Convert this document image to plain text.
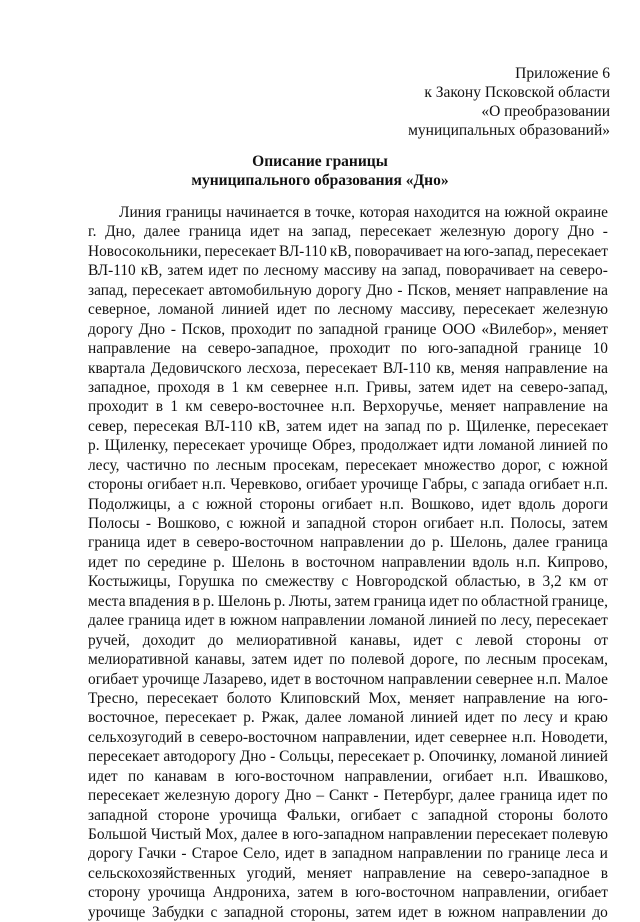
Приложение 6
к Закону Псковской области
«О преобразовании
муниципальных образований»
Описание границы
муниципального образования «Дно»
Линия границы начинается в точке, которая находится на южной окраине
г. Дно, далее граница идет на запад, пересекает железную дорогу Дно -
Новосокольники, пересекает ВЛ-110 кВ, поворачивает на юго-запад, пересекает
ВЛ-110 кВ, затем идет по лесному массиву на запад, поворачивает на северо-
запад, пересекает автомобильную дорогу Дно - Псков, меняет направление на
северное, ломаной линией идет по лесному массиву, пересекает железную
дорогу Дно - Псков, проходит по западной границе ООО «Вилебор», меняет
направление на северо-западное, проходит по юго-западной границе 10
квартала Дедовичского лесхоза, пересекает ВЛ-110 кв, меняя направление на
западное, проходя в 1 км севернее н.п. Гривы, затем идет на северо-запад,
проходит в 1 км северо-восточнее н.п. Верхоручье, меняет направление на
север, пересекая ВЛ-110 кВ, затем идет на запад по р. Щиленке, пересекает
р. Щиленку, пересекает урочище Обрез, продолжает идти ломаной линией по
лесу, частично по лесным просекам, пересекает множество дорог, с южной
стороны огибает н.п. Черевково, огибает урочище Габры, с запада огибает н.п.
Подолжицы, а с южной стороны огибает н.п. Вошково, идет вдоль дороги
Полосы - Вошково, с южной и западной сторон огибает н.п. Полосы, затем
граница идет в северо-восточном направлении до р. Шелонь, далее граница
идет по середине р. Шелонь в восточном направлении вдоль н.п. Кипрово,
Костыжицы, Горушка по смежеству с Новгородской областью, в 3,2 км от
места впадения в р. Шелонь р. Люты, затем граница идет по областной границе,
далее граница идет в южном направлении ломаной линией по лесу, пересекает
ручей, доходит до мелиоративной канавы, идет с левой стороны от
мелиоративной канавы, затем идет по полевой дороге, по лесным просекам,
огибает урочище Лазарево, идет в восточном направлении севернее н.п. Малое
Тресно, пересекает болото Клиповский Мох, меняет направление на юго-
восточное, пересекает р. Ржак, далее ломаной линией идет по лесу и краю
сельхозугодий в северо-восточном направлении, идет севернее н.п. Новодети,
пересекает автодорогу Дно - Сольцы, пересекает р. Опочинку, ломаной линией
идет по канавам в юго-восточном направлении, огибает н.п. Ивашково,
пересекает железную дорогу Дно – Санкт - Петербург, далее граница идет по
западной стороне урочища Фальки, огибает с западной стороны болото
Большой Чистый Мох, далее в юго-западном направлении пересекает полевую
дорогу Гачки - Старое Село, идет в западном направлении по границе леса и
сельскохозяйственных угодий, меняет направление на северо-западное в
сторону урочища Андрониха, затем в юго-восточном направлении, огибает
урочище Забудки с западной стороны, затем идет в южном направлении до
